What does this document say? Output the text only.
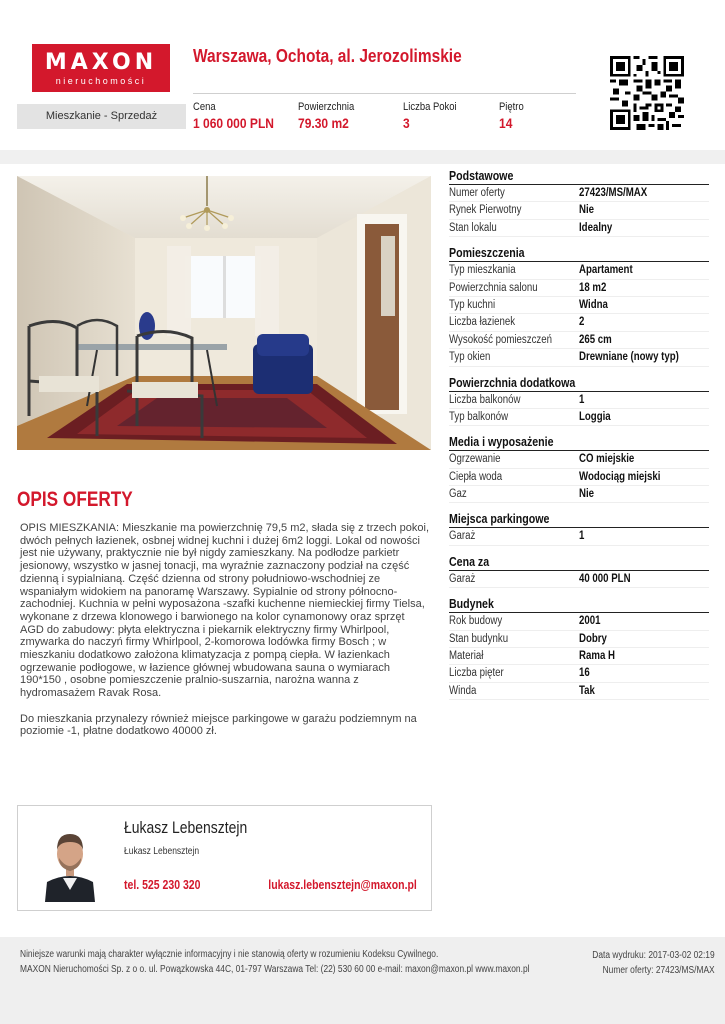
MAXON
nieruchomości
Warszawa, Ochota, al. Jerozolimskie
Mieszkanie - Sprzedaż
Cena
1 060 000 PLN
Powierzchnia
79.30 m2
Liczba Pokoi
3
Piętro
14
OPIS OFERTY

OPIS MIESZKANIA: Mieszkanie ma powierzchnię 79,5 m2, słada się z trzech pokoi, dwóch pełnych łazienek, osbnej widnej kuchni i dużej 6m2 loggi. Lokal od nowości jest nie używany, praktycznie nie był nigdy zamieszkany. Na podłodze parkietr jesionowy, wszystko w jasnej tonacji, ma wyraźnie zaznaczony podział na część dzienną i sypialnianą. Część dzienna od strony południowo-wschodniej ze wspaniałym widokiem na panoramę Warszawy. Sypialnie od strony północno-zachodniej. Kuchnia w pełni wyposażona -szafki kuchenne niemieckiej firmy Tielsa, wykonane z drzewa klonowego i barwionego na kolor cynamonowy oraz sprzęt AGD do zabudowy: płyta elektryczna i piekarnik elektryczny firmy Whirlpool, zmywarka do naczyń firmy Whirlpool, 2-komorowa lodówka firmy Bosch ; w mieszkaniu dodatkowo założona klimatyzacja z pompą ciepła. W łazienkach ogrzewanie podłogowe, w łazience głównej wbudowana sauna o wymiarach 190*150 , osobne pomieszczenie pralnio-suszarnia, narożna wanna z hydromasażem Ravak Rosa.

Do mieszkania przynalezy również miejsce parkingowe w garażu podziemnym na poziomie -1, płatne dodatkowo 40000 zł.

Podstawowe
Numer oferty	27423/MS/MAX
Rynek Pierwotny	Nie
Stan lokalu	Idealny
Pomieszczenia
Typ mieszkania	Apartament
Powierzchnia salonu	18 m2
Typ kuchni	Widna
Liczba łazienek	2
Wysokość pomieszczeń 265 cm
Typ okien	Drewniane (nowy typ)
Powierzchnia dodatkowa
Liczba balkonów	1
Typ balkonów	Loggia
Media i wyposażenie
Ogrzewanie	CO miejskie
Ciepła woda	Wodociąg miejski
Gaz	Nie
Miejsca parkingowe
Garaż	1
Cena za
Garaż	40 000 PLN
Budynek
Rok budowy	2001
Stan budynku	Dobry
Materiał	Rama H
Liczba pięter	16
Winda	Tak
Łukasz Lebensztejn
Łukasz Lebensztejn
tel. 525 230 320	lukasz.lebensztejn@maxon.pl
Niniejsze warunki mają charakter wyłącznie informacyjny i nie stanowią oferty w rozumieniu Kodeksu Cywilnego.
MAXON Nieruchomości Sp. z o o. ul. Powązkowska 44C, 01-797 Warszawa Tel: (22) 530 60 00 e-mail: maxon@maxon.pl www.maxon.pl
Data wydruku: 2017-03-02 02:19
Numer oferty: 27423/MS/MAX
